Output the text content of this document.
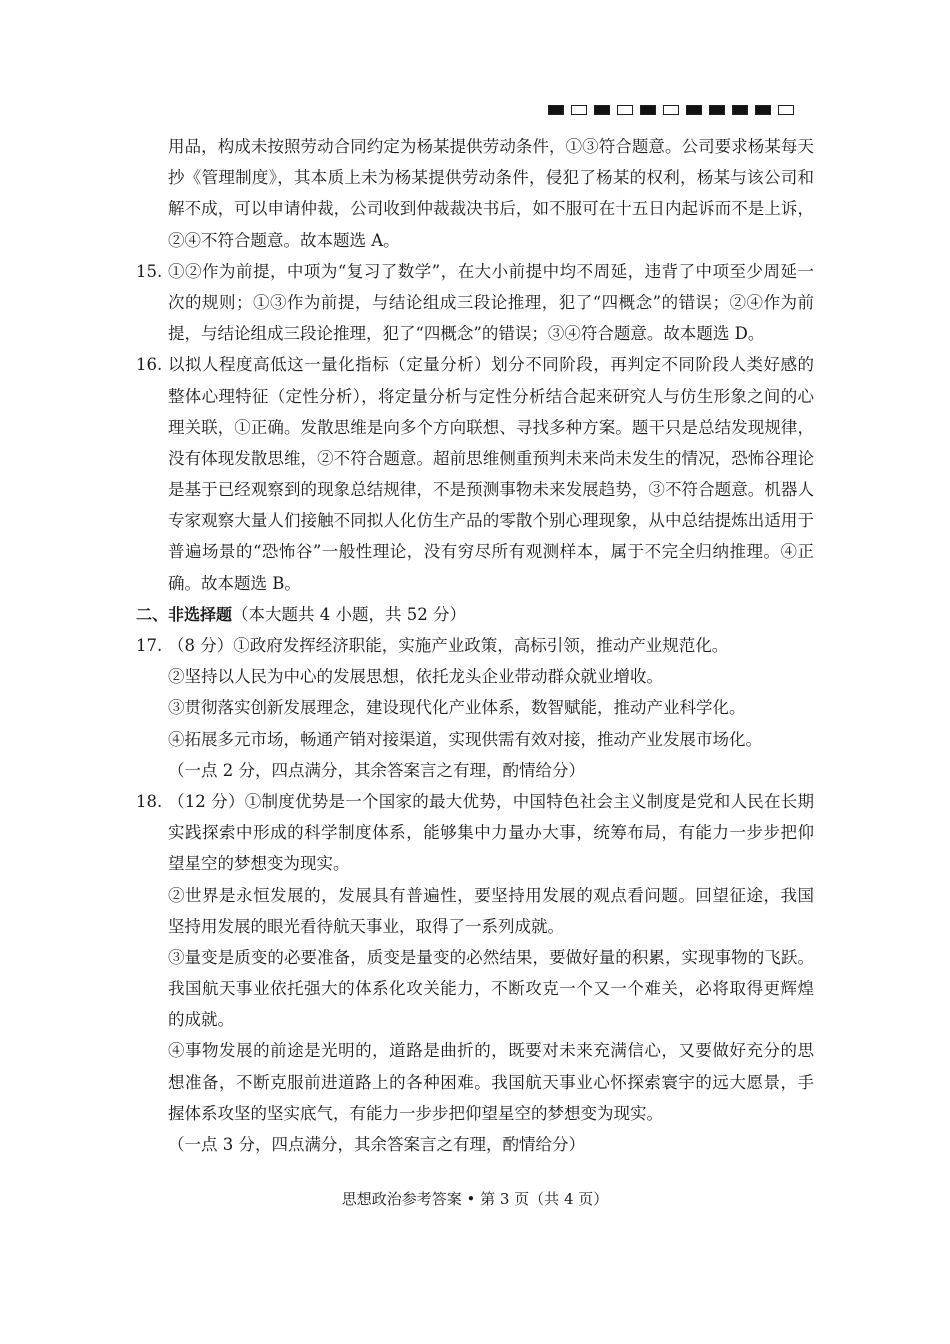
用品，构成未按照劳动合同约定为杨某提供劳动条件，①③符合题意。公司要求杨某每天
抄《管理制度》，其本质上未为杨某提供劳动条件，侵犯了杨某的权利，杨某与该公司和
解不成，可以申请仲裁，公司收到仲裁裁决书后，如不服可在十五日内起诉而不是上诉，
②④不符合题意。故本题选 A。
15. ①②作为前提，中项为“复习了数学”，在大小前提中均不周延，违背了中项至少周延一
次的规则；①③作为前提，与结论组成三段论推理，犯了“四概念”的错误；②④作为前
提，与结论组成三段论推理，犯了“四概念”的错误；③④符合题意。故本题选 D。
16. 以拟人程度高低这一量化指标（定量分析）划分不同阶段，再判定不同阶段人类好感的
整体心理特征（定性分析），将定量分析与定性分析结合起来研究人与仿生形象之间的心
理关联，①正确。发散思维是向多个方向联想、寻找多种方案。题干只是总结发现规律，
没有体现发散思维，②不符合题意。超前思维侧重预判未来尚未发生的情况，恐怖谷理论
是基于已经观察到的现象总结规律，不是预测事物未来发展趋势，③不符合题意。机器人
专家观察大量人们接触不同拟人化仿生产品的零散个别心理现象，从中总结提炼出适用于
普遍场景的“恐怖谷”一般性理论，没有穷尽所有观测样本，属于不完全归纳推理。④正
确。故本题选 B。
二、非选择题（本大题共 4 小题，共 52 分）
17. （8 分）①政府发挥经济职能，实施产业政策，高标引领，推动产业规范化。
②坚持以人民为中心的发展思想，依托龙头企业带动群众就业增收。
③贯彻落实创新发展理念，建设现代化产业体系，数智赋能，推动产业科学化。
④拓展多元市场，畅通产销对接渠道，实现供需有效对接，推动产业发展市场化。
（一点 2 分，四点满分，其余答案言之有理，酌情给分）
18. （12 分）①制度优势是一个国家的最大优势，中国特色社会主义制度是党和人民在长期
实践探索中形成的科学制度体系，能够集中力量办大事，统筹布局，有能力一步步把仰
望星空的梦想变为现实。
②世界是永恒发展的，发展具有普遍性，要坚持用发展的观点看问题。回望征途，我国
坚持用发展的眼光看待航天事业，取得了一系列成就。
③量变是质变的必要准备，质变是量变的必然结果，要做好量的积累，实现事物的飞跃。
我国航天事业依托强大的体系化攻关能力，不断攻克一个又一个难关，必将取得更辉煌
的成就。
④事物发展的前途是光明的，道路是曲折的，既要对未来充满信心，又要做好充分的思
想准备，不断克服前进道路上的各种困难。我国航天事业心怀探索寰宇的远大愿景，手
握体系攻坚的坚实底气，有能力一步步把仰望星空的梦想变为现实。
（一点 3 分，四点满分，其余答案言之有理，酌情给分）
思想政治参考答案 • 第 3 页（共 4 页）
